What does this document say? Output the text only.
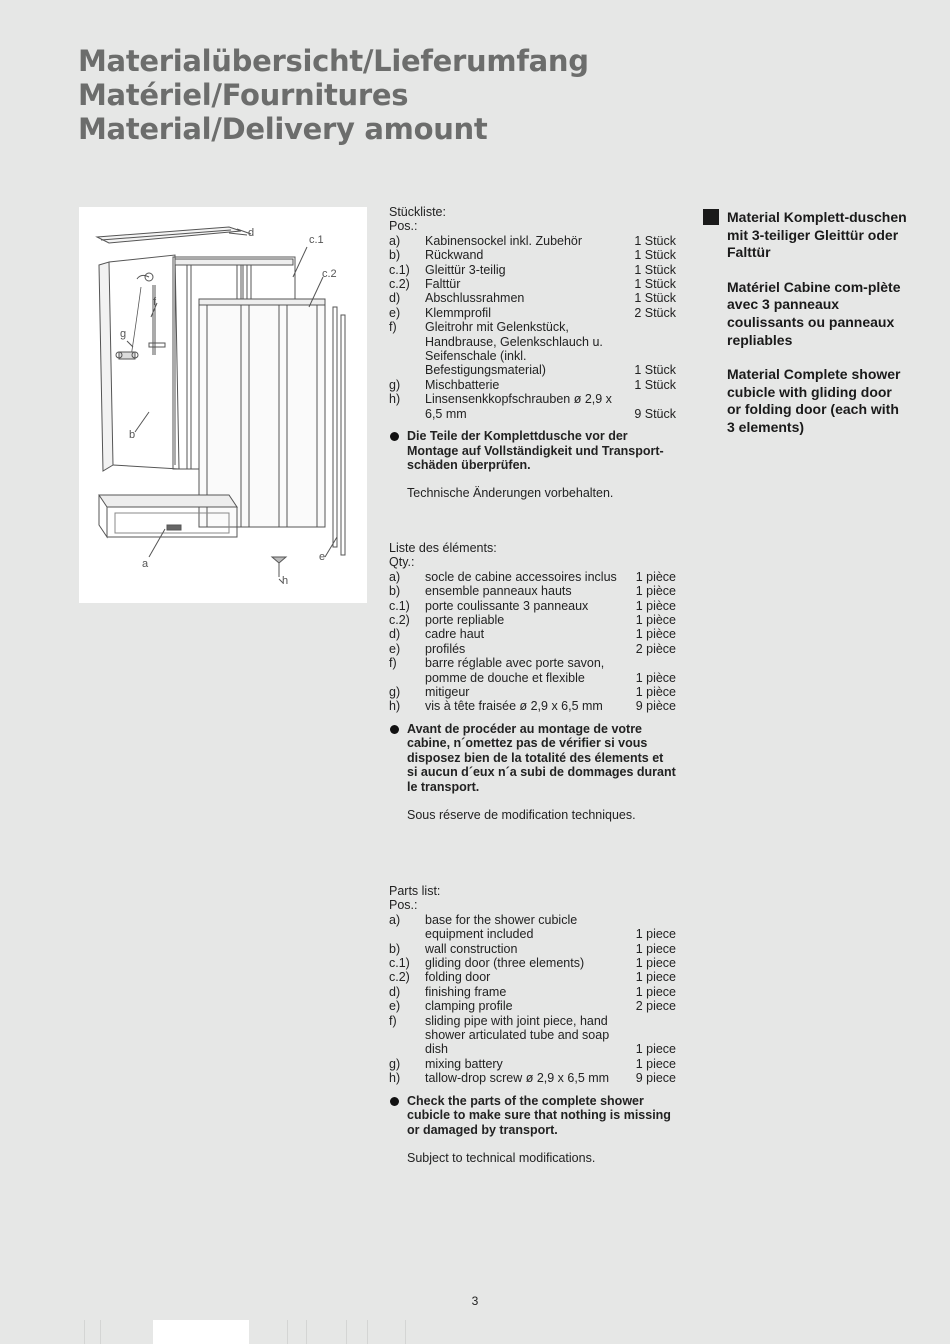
Materialübersicht/Lieferumfang
Matériel/Fournitures
Material/Delivery amount
d
c.1
c.2
f
g
b
a
e
h
Stückliste:
Pos.:
a) Kabinensockel inkl. Zubehör	1 Stück
b) Rückwand	1 Stück
c.1) Gleittür 3-teilig	1 Stück
c.2) Falttür	1 Stück
d) Abschlussrahmen	1 Stück
e) Klemmprofil	2 Stück
f) Gleitrohr mit Gelenkstück, Handbrause, Gelenkschlauch u. Seifenschale (inkl. Befestigungsmaterial)	1 Stück
g) Mischbatterie	1 Stück
h) Linsensenkkopfschrauben ø 2,9 x 6,5 mm	9 Stück
Die Teile der Komplettdusche vor der Montage auf Vollständigkeit und Transport-schäden überprüfen.
Technische Änderungen vorbehalten.
Liste des éléments:
Qty.:
a) socle de cabine accessoires inclus	1 pièce
b) ensemble panneaux hauts	1 pièce
c.1) porte coulissante 3 panneaux	1 pièce
c.2) porte repliable	1 pièce
d) cadre haut	1 pièce
e) profilés	2 pièce
f) barre réglable avec porte savon, pomme de douche et flexible	1 pièce
g) mitigeur	1 pièce
h) vis à tête fraisée ø 2,9 x 6,5 mm	9 pièce
Avant de procéder au montage de votre cabine, n´omettez pas de vérifier si vous disposez bien de la totalité des élements et si aucun d´eux n´a subi de dommages durant le transport.
Sous réserve de modification techniques.
Parts list:
Pos.:
a) base for the shower cubicle equipment included	1 piece
b) wall construction	1 piece
c.1) gliding door (three elements)	1 piece
c.2) folding door	1 piece
d) finishing frame	1 piece
e) clamping profile	2 piece
f) sliding pipe with joint piece, hand shower articulated tube and soap dish	1 piece
g) mixing battery	1 piece
h) tallow-drop screw ø 2,9 x 6,5 mm	9 piece
Check the parts of the complete shower cubicle to make sure that nothing is missing or damaged by transport.
Subject to technical modifications.
Material Komplett-duschen mit 3-teiliger Gleittür oder Falttür
Matériel Cabine com-plète avec 3 panneaux coulissants ou panneaux repliables
Material Complete shower cubicle with gliding door or folding door (each with 3 elements)
3
